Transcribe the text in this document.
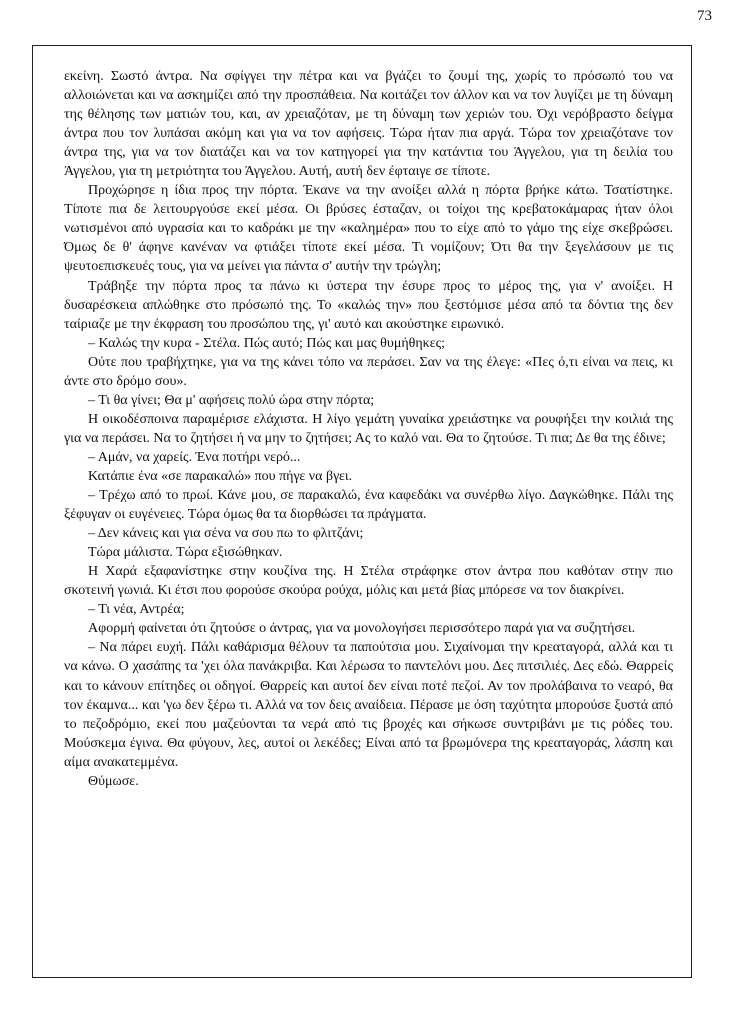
73

εκείνη. Σωστό άντρα. Να σφίγγει την πέτρα και να βγάζει το ζουμί της, χωρίς το πρόσωπό του να αλλοιώνεται και να ασκημίζει από την προσπάθεια. Να κοιτάζει τον άλλον και να τον λυγίζει με τη δύναμη της θέλησης των ματιών του, και, αν χρειαζόταν, με τη δύναμη των χεριών του. Όχι νερόβραστο δείγμα άντρα που τον λυπάσαι ακόμη και για να τον αφήσεις. Τώρα ήταν πια αργά. Τώρα τον χρειαζότανε τον άντρα της, για να τον διατάζει και να τον κατηγορεί για την κατάντια του Άγγελου, για τη δειλία του Άγγελου, για τη μετριότητα του Άγγελου. Αυτή, αυτή δεν έφταιγε σε τίποτε.

Προχώρησε η ίδια προς την πόρτα. Έκανε να την ανοίξει αλλά η πόρτα βρήκε κάτω. Τσατίστηκε. Τίποτε πια δε λειτουργούσε εκεί μέσα. Οι βρύσες έσταζαν, οι τοίχοι της κρεβατοκάμαρας ήταν όλοι νωτισμένοι από υγρασία και το καδράκι με την «καλημέρα» που το είχε από το γάμο της είχε σκεβρώσει. Όμως δε θ' άφηνε κανέναν να φτιάξει τίποτε εκεί μέσα. Τι νομίζουν; Ότι θα την ξεγελάσουν με τις ψευτοεπισκευές τους, για να μείνει για πάντα σ' αυτήν την τρώγλη;

Τράβηξε την πόρτα προς τα πάνω κι ύστερα την έσυρε προς το μέρος της, για ν' ανοίξει. Η δυσαρέσκεια απλώθηκε στο πρόσωπό της. Το «καλώς την» που ξεστόμισε μέσα από τα δόντια της δεν ταίριαζε με την έκφραση του προσώπου της, γι' αυτό και ακούστηκε ειρωνικό.

– Καλώς την κυρα - Στέλα. Πώς αυτό; Πώς και μας θυμήθηκες;

Ούτε που τραβήχτηκε, για να της κάνει τόπο να περάσει. Σαν να της έλεγε: «Πες ό,τι είναι να πεις, κι άντε στο δρόμο σου».

– Τι θα γίνει; Θα μ' αφήσεις πολύ ώρα στην πόρτα;

Η οικοδέσποινα παραμέρισε ελάχιστα. Η λίγο γεμάτη γυναίκα χρειάστηκε να ρουφήξει την κοιλιά της για να περάσει. Να το ζητήσει ή να μην το ζητήσει; Ας το καλό ναι. Θα το ζητούσε. Τι πια; Δε θα της έδινε;

– Αμάν, να χαρείς. Ένα ποτήρι νερό...

Κατάπιε ένα «σε παρακαλώ» που πήγε να βγει.

– Τρέχω από το πρωί. Κάνε μου, σε παρακαλώ, ένα καφεδάκι να συνέρθω λίγο. Δαγκώθηκε. Πάλι της ξέφυγαν οι ευγένειες. Τώρα όμως θα τα διορθώσει τα πράγματα.

– Δεν κάνεις και για σένα να σου πω το φλιτζάνι;

Τώρα μάλιστα. Τώρα εξισώθηκαν.

Η Χαρά εξαφανίστηκε στην κουζίνα της. Η Στέλα στράφηκε στον άντρα που καθόταν στην πιο σκοτεινή γωνιά. Κι έτσι που φορούσε σκούρα ρούχα, μόλις και μετά βίας μπόρεσε να τον διακρίνει.

– Τι νέα, Αντρέα;

Αφορμή φαίνεται ότι ζητούσε ο άντρας, για να μονολογήσει περισσότερο παρά για να συζητήσει.

– Να πάρει ευχή. Πάλι καθάρισμα θέλουν τα παπούτσια μου. Σιχαίνομαι την κρεαταγορά, αλλά και τι να κάνω. Ο χασάπης τα 'χει όλα πανάκριβα. Και λέρωσα το παντελόνι μου. Δες πιτσιλιές. Δες εδώ. Θαρρείς και το κάνουν επίτηδες οι οδηγοί. Θαρρείς και αυτοί δεν είναι ποτέ πεζοί. Αν τον προλάβαινα το νεαρό, θα τον έκαμνα... και 'γω δεν ξέρω τι. Αλλά να τον δεις αναίδεια. Πέρασε με όση ταχύτητα μπορούσε ξυστά από το πεζοδρόμιο, εκεί που μαζεύονται τα νερά από τις βροχές και σήκωσε συντριβάνι με τις ρόδες του. Μούσκεμα έγινα. Θα φύγουν, λες, αυτοί οι λεκέδες; Είναι από τα βρωμόνερα της κρεαταγοράς, λάσπη και αίμα ανακατεμμένα.

Θύμωσε.
